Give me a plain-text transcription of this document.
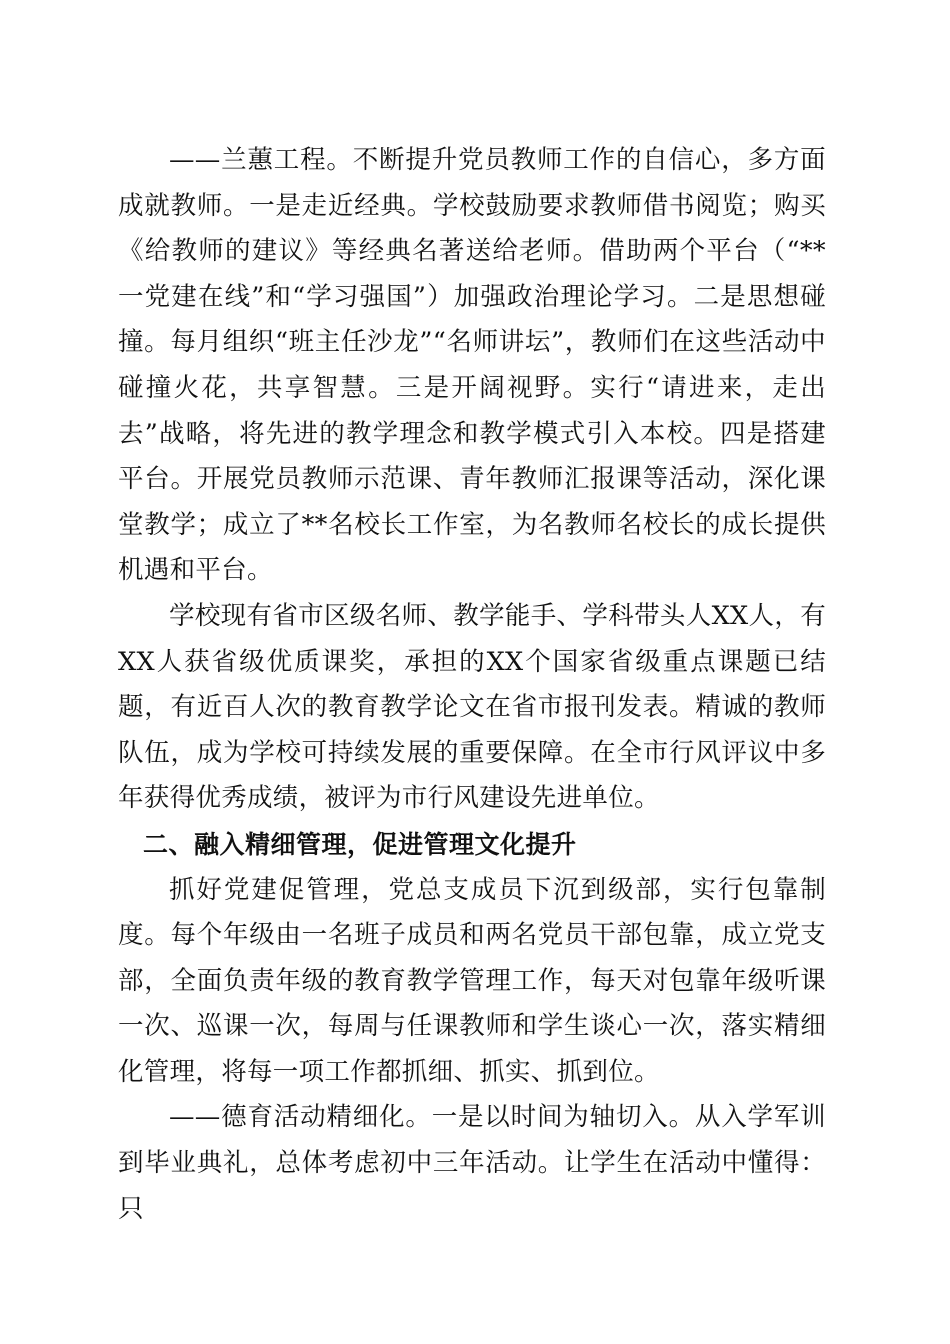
——兰蕙工程。不断提升党员教师工作的自信心，多方面成就教师。一是走近经典。学校鼓励要求教师借书阅览；购买《给教师的建议》等经典名著送给老师。借助两个平台（“**一党建在线”和“学习强国”）加强政治理论学习。二是思想碰撞。每月组织“班主任沙龙”“名师讲坛”，教师们在这些活动中碰撞火花，共享智慧。三是开阔视野。实行“请进来，走出去”战略，将先进的教学理念和教学模式引入本校。四是搭建平台。开展党员教师示范课、青年教师汇报课等活动，深化课堂教学；成立了**名校长工作室，为名教师名校长的成长提供机遇和平台。

学校现有省市区级名师、教学能手、学科带头人XX人，有XX人获省级优质课奖，承担的XX个国家省级重点课题已结题，有近百人次的教育教学论文在省市报刊发表。精诚的教师队伍，成为学校可持续发展的重要保障。在全市行风评议中多年获得优秀成绩，被评为市行风建设先进单位。

二、融入精细管理，促进管理文化提升

抓好党建促管理，党总支成员下沉到级部，实行包靠制度。每个年级由一名班子成员和两名党员干部包靠，成立党支部，全面负责年级的教育教学管理工作，每天对包靠年级听课一次、巡课一次，每周与任课教师和学生谈心一次，落实精细化管理，将每一项工作都抓细、抓实、抓到位。

——德育活动精细化。一是以时间为轴切入。从入学军训到毕业典礼，总体考虑初中三年活动。让学生在活动中懂得：只
